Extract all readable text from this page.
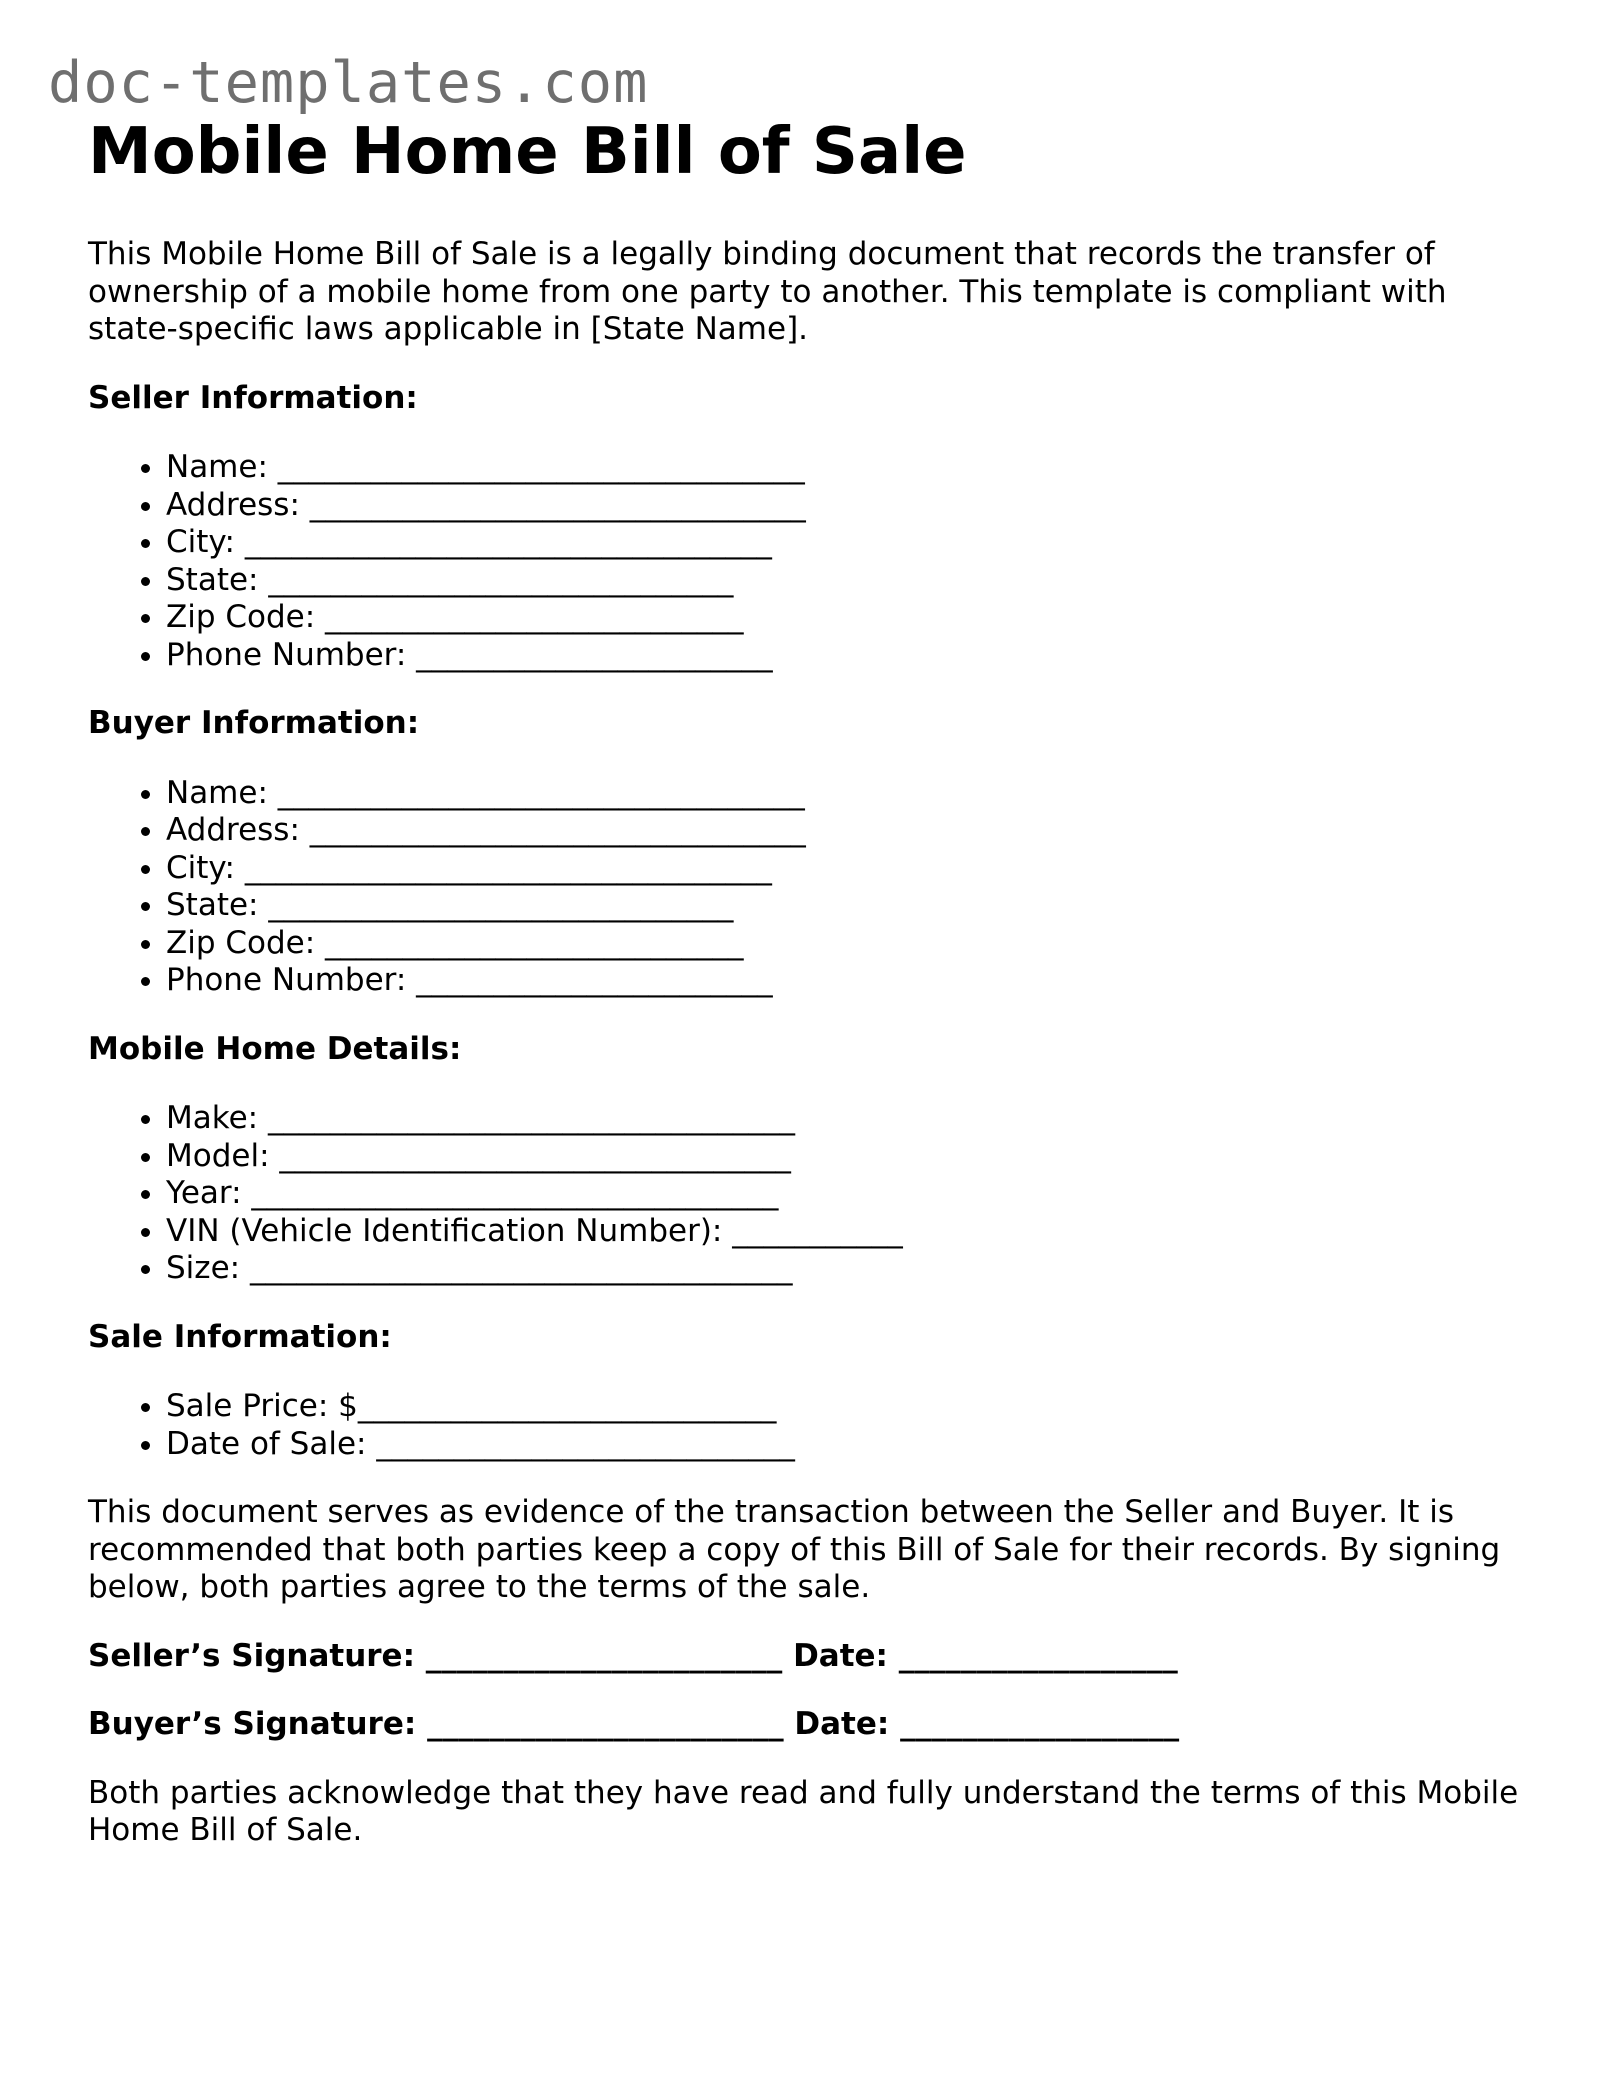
doc-templates.com
Mobile Home Bill of Sale

This Mobile Home Bill of Sale is a legally binding document that records the transfer of ownership of a mobile home from one party to another. This template is compliant with state-specific laws applicable in [State Name].

Seller Information:
• Name: __________________________________
• Address: ________________________________
• City: __________________________________
• State: ______________________________
• Zip Code: ___________________________
• Phone Number: _______________________
Buyer Information:
• Name: __________________________________
• Address: ________________________________
• City: __________________________________
• State: ______________________________
• Zip Code: ___________________________
• Phone Number: _______________________
Mobile Home Details:
• Make: __________________________________
• Model: _________________________________
• Year: __________________________________
• VIN (Vehicle Identification Number): ___________
• Size: ___________________________________
Sale Information:
• Sale Price: $___________________________
• Date of Sale: ___________________________

This document serves as evidence of the transaction between the Seller and Buyer. It is recommended that both parties keep a copy of this Bill of Sale for their records. By signing below, both parties agree to the terms of the sale.

Seller’s Signature: _______________________ Date: __________________
Buyer’s Signature: _______________________ Date: __________________

Both parties acknowledge that they have read and fully understand the terms of this Mobile Home Bill of Sale.
